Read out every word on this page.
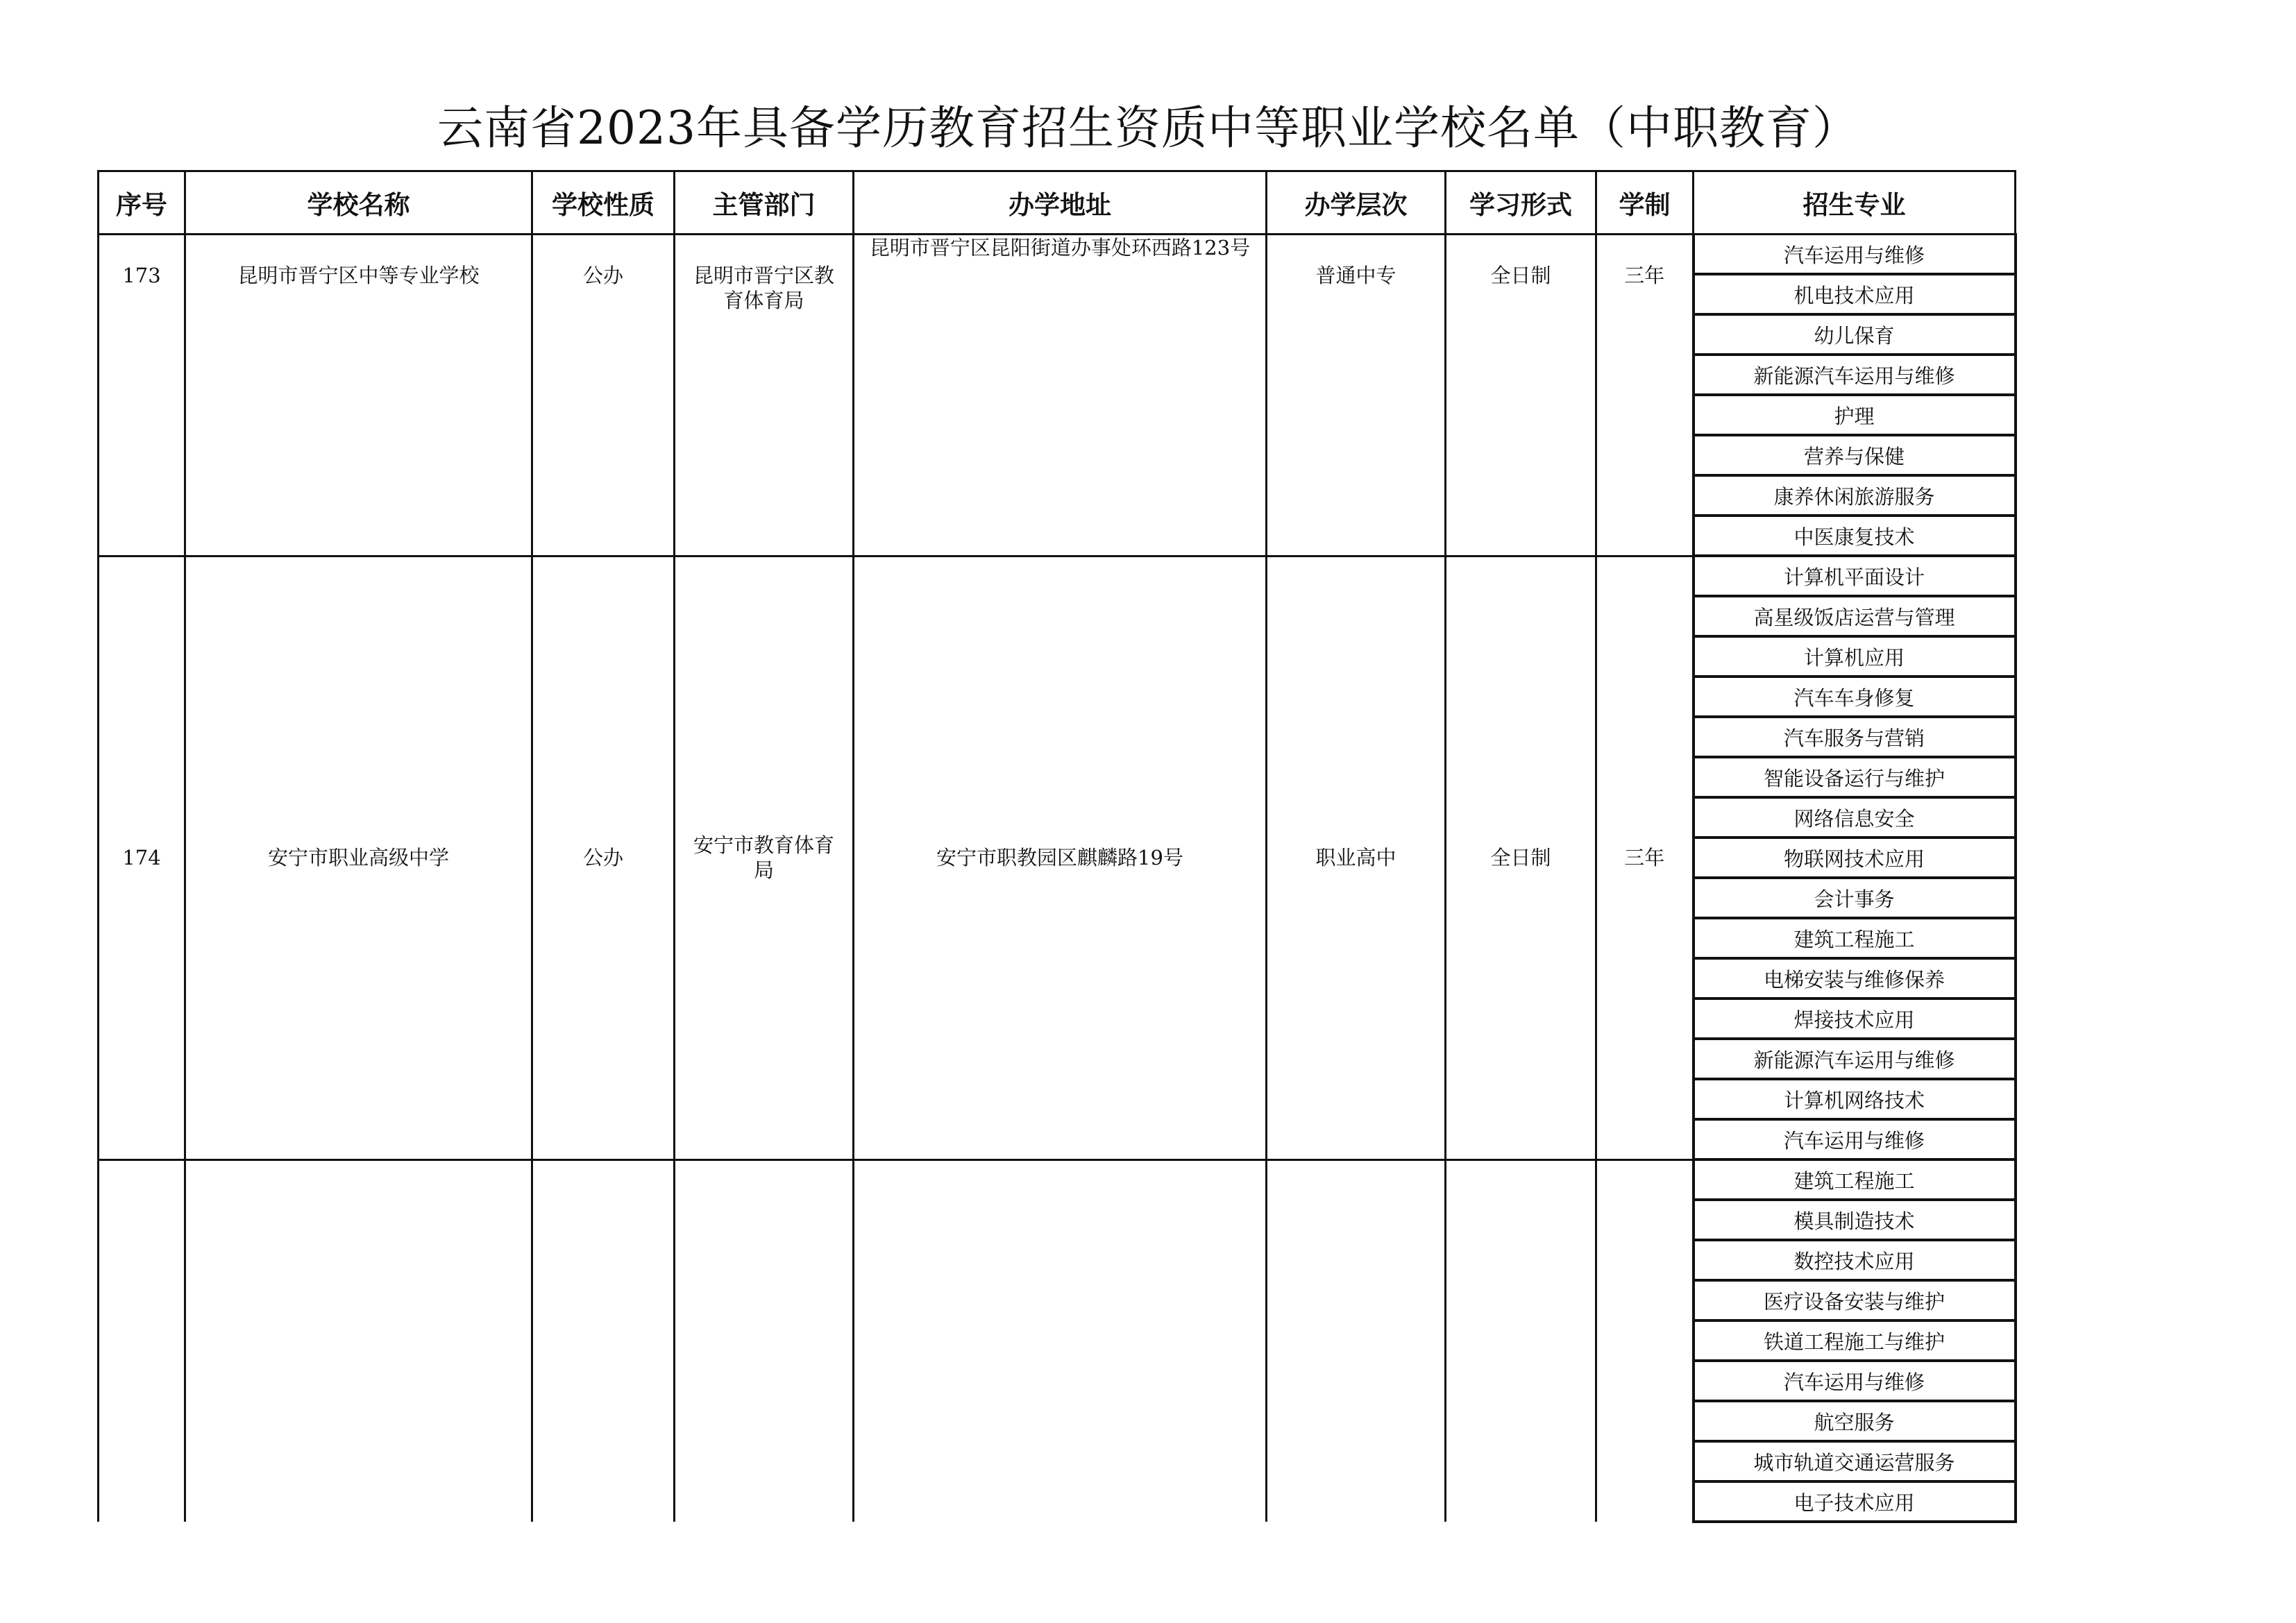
云南省2023年具备学历教育招生资质中等职业学校名单（中职教育）
序号	学校名称	学校性质	主管部门	办学地址	办学层次	学习形式	学制	招生专业
173	昆明市晋宁区中等专业学校	公办	昆明市晋宁区教育体育局	昆明市晋宁区昆阳街道办事处环西路123号	普通中专	全日制	三年	汽车运用与维修
								机电技术应用
								幼儿保育
								新能源汽车运用与维修
								护理
								营养与保健
								康养休闲旅游服务
								中医康复技术
174	安宁市职业高级中学	公办	安宁市教育体育局	安宁市职教园区麒麟路19号	职业高中	全日制	三年	计算机平面设计
								高星级饭店运营与管理
								计算机应用
								汽车车身修复
								汽车服务与营销
								智能设备运行与维护
								网络信息安全
								物联网技术应用
								会计事务
								建筑工程施工
								电梯安装与维修保养
								焊接技术应用
								新能源汽车运用与维修
								计算机网络技术
								汽车运用与维修
								建筑工程施工
								模具制造技术
								数控技术应用
								医疗设备安装与维护
								铁道工程施工与维护
								汽车运用与维修
								航空服务
								城市轨道交通运营服务
								电子技术应用
